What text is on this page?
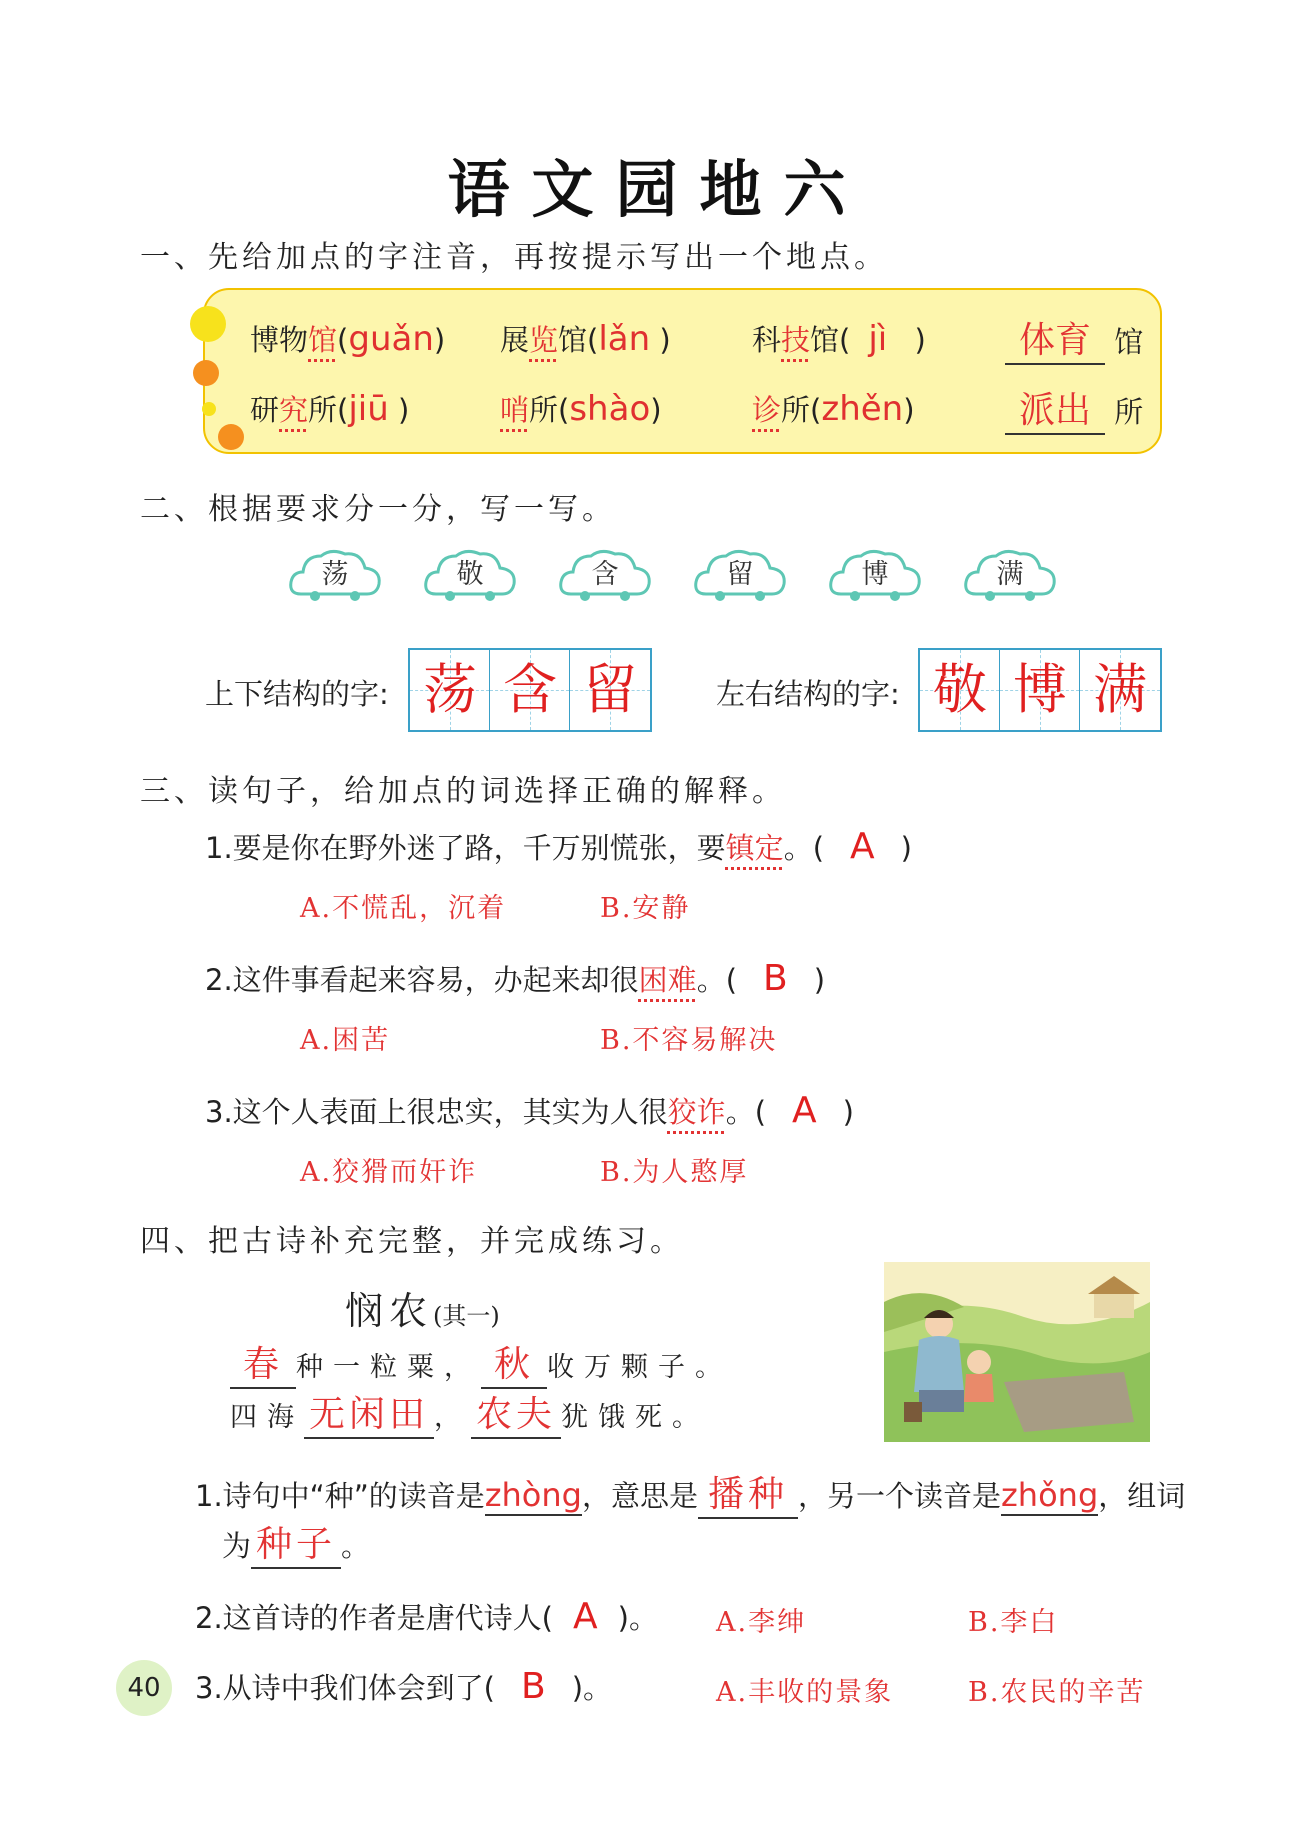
语文园地六
一、先给加点的字注音，再按提示写出一个地点。
博物馆(guǎn) 展览馆(lǎn )	科技馆( jì )	体育 馆
研究所(jiū )	哨所(shào)	诊所(zhěn)	派出 所
二、根据要求分一分，写一写。
荡	敬	含	留	博	满
上下结构的字: 荡 含 留	左右结构的字: 敬 博 满
三、读句子，给加点的词选择正确的解释。
1.要是你在野外迷了路，千万别慌张，要镇定。( A )
A.不慌乱，沉着	B.安静
2.这件事看起来容易，办起来却很困难。( B )
A.困苦	B.不容易解决
3.这个人表面上很忠实，其实为人很狡诈。( A )
A.狡猾而奸诈	B.为人憨厚
四、把古诗补充完整，并完成练习。
悯农(其一)
春 种一粒粟， 秋 收万颗子。
四海 无闲田 ， 农夫 犹饿死。
1.诗句中“种”的读音是zhòng，意思是 播种 ，另一个读音是zhǒng，组词
为 种子 。
2.这首诗的作者是唐代诗人( A )。 A.李绅	B.李白
3.从诗中我们体会到了( B )。	A.丰收的景象	B.农民的辛苦
40
